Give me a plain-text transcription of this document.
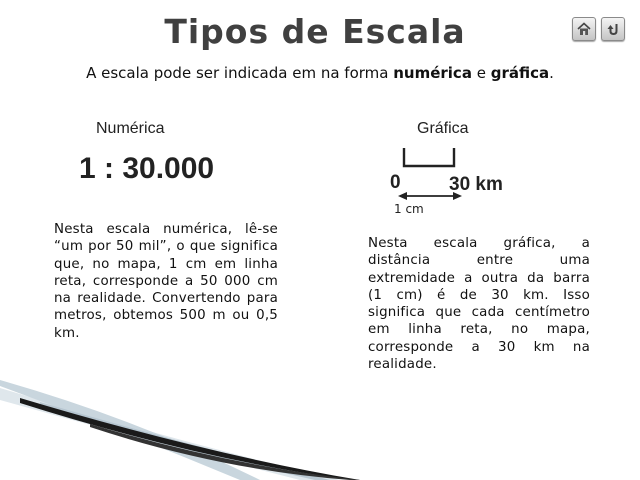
Tipos de Escala
A escala pode ser indicada em na forma numérica e gráfica.
Numérica	Gráfica
1 : 30.000	0	30 km
1 cm
Nesta escala numérica, lê-se “um por 50 mil”, o que significa que, no mapa, 1 cm em linha reta, corresponde a 50 000 cm na realidade. Convertendo para metros, obtemos 500 m ou 0,5 km.
Nesta escala gráfica, a distância entre uma extremidade a outra da barra (1 cm) é de 30 km. Isso significa que cada centímetro em linha reta, no mapa, corresponde a 30 km na realidade.
